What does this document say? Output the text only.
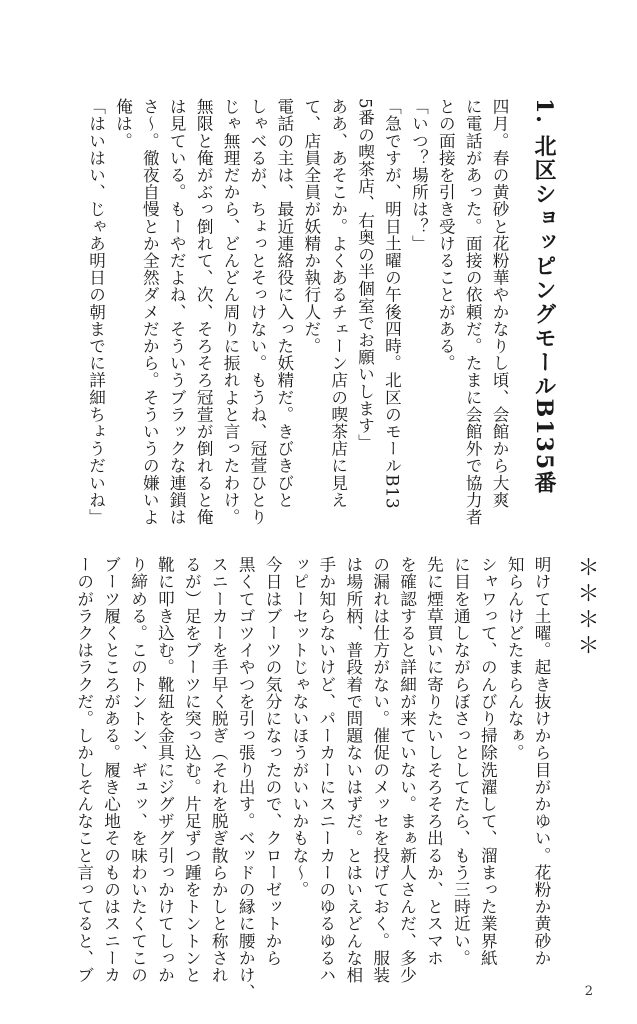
1. 北区ショッピングモールB135番
四月。春の黄砂と花粉華やかなりし頃、会館から大爽
に電話があった。面接の依頼だ。たまに会館外で協力者
との面接を引き受けることがある。
「いつ？場所は？」
「急ですが、明日土曜の午後四時。北区のモールB13
5番の喫茶店、右奥の半個室でお願いします」
ああ、あそこか。よくあるチェーン店の喫茶店に見え
て、店員全員が妖精か執行人だ。
電話の主は、最近連絡役に入った妖精だ。きびきびと
しゃべるが、ちょっとそっけない。もうね、冠萱ひとり
じゃ無理だから、どんどん周りに振れよと言ったわけ。
無限と俺がぶっ倒れて、次、そろそろ冠萱が倒れると俺
は見ている。もーやだよね、そういうブラックな連鎖は
さ～。徹夜自慢とか全然ダメだから。そういうの嫌いよ
俺は。
「はいはい、じゃあ明日の朝までに詳細ちょうだいね」
＊＊＊＊
明けて土曜。起き抜けから目がかゆい。花粉か黄砂か
知らんけどたまらんなぁ。
シャワって、のんびり掃除洗濯して、溜まった業界紙
に目を通しながらぼさっとしてたら、もう三時近い。
先に煙草買いに寄りたいしそろそろ出るか、とスマホ
を確認すると詳細が来ていない。まぁ新人さんだ、多少
の漏れは仕方がない。催促のメッセを投げておく。服装
は場所柄、普段着で問題ないはずだ。とはいえどんな相
手か知らないけど、パーカーにスニーカーのゆるゆるハ
ッピーセットじゃないほうがいいかもな～。
今日はブーツの気分になったので、クローゼットから
黒くてゴツイやつを引っ張り出す。ベッドの縁に腰かけ、
スニーカーを手早く脱ぎ（それを脱ぎ散らかしと称され
るが）足をブーツに突っ込む。片足ずつ踵をトントンと
靴に叩き込む。靴紐を金具にジグザグ引っかけてしっか
り締める。このトントン、ギュッ、を味わいたくてこの
ブーツ履くところがある。履き心地そのものはスニーカ
ーのがラクはラクだ。しかしそんなこと言ってると、ブ
2
